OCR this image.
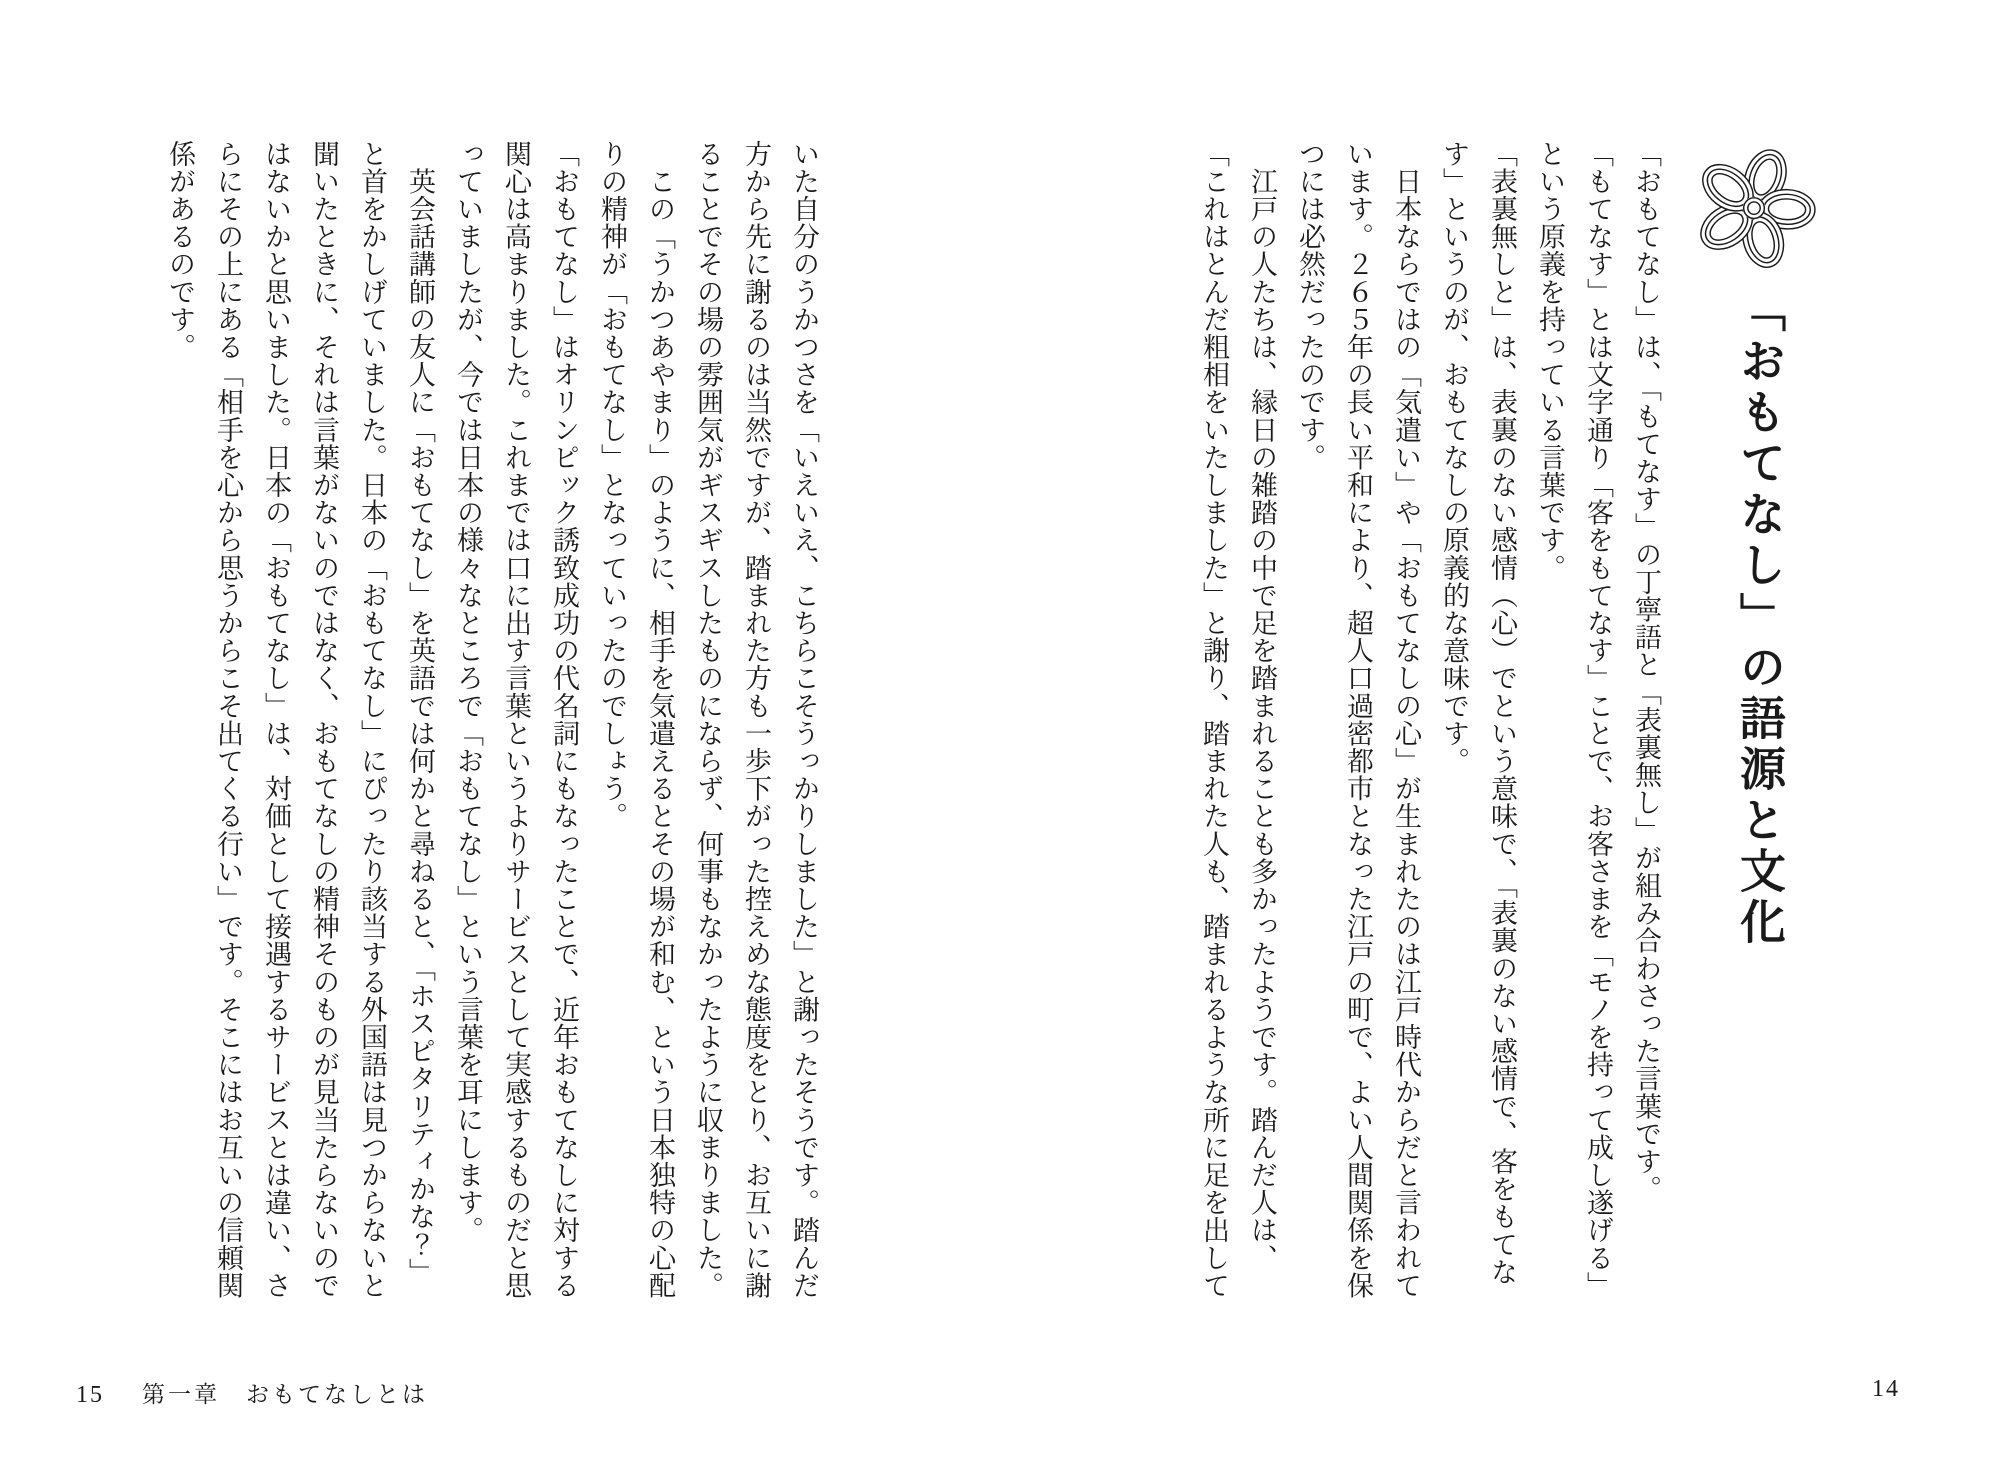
「おもてなし」の語源と文化
「おもてなし」は、「もてなす」の丁寧語と「表裏無し」が組み合わさった言葉です。
「もてなす」とは文字通り「客をもてなす」ことで、お客さまを「モノを持って成し遂げる」
という原義を持っている言葉です。
「表裏無しと」は、表裏のない感情（心）でという意味で、「表裏のない感情で、客をもてな
す」というのが、おもてなしの原義的な意味です。
　日本ならではの「気遣い」や「おもてなしの心」が生まれたのは江戸時代からだと言われて
います。２６５年の長い平和により、超人口過密都市となった江戸の町で、よい人間関係を保
つには必然だったのです。
　江戸の人たちは、縁日の雑踏の中で足を踏まれることも多かったようです。踏んだ人は、
「これはとんだ粗相をいたしました」と謝り、踏まれた人も、踏まれるような所に足を出して
14
いた自分のうかつさを「いえいえ、こちらこそうっかりしました」と謝ったそうです。踏んだ
方から先に謝るのは当然ですが、踏まれた方も一歩下がった控えめな態度をとり、お互いに謝
ることでその場の雰囲気がギスギスしたものにならず、何事もなかったように収まりました。
　この「うかつあやまり」のように、相手を気遣えるとその場が和む、という日本独特の心配
りの精神が「おもてなし」となっていったのでしょう。
「おもてなし」はオリンピック誘致成功の代名詞にもなったことで、近年おもてなしに対する
関心は高まりました。これまでは口に出す言葉というよりサービスとして実感するものだと思
っていましたが、今では日本の様々なところで「おもてなし」という言葉を耳にします。
　英会話講師の友人に「おもてなし」を英語では何かと尋ねると、「ホスピタリティかな？」
と首をかしげていました。日本の「おもてなし」にぴったり該当する外国語は見つからないと
聞いたときに、それは言葉がないのではなく、おもてなしの精神そのものが見当たらないので
はないかと思いました。日本の「おもてなし」は、対価として接遇するサービスとは違い、さ
らにその上にある「相手を心から思うからこそ出てくる行い」です。そこにはお互いの信頼関
係があるのです。
15 第一章　おもてなしとは
